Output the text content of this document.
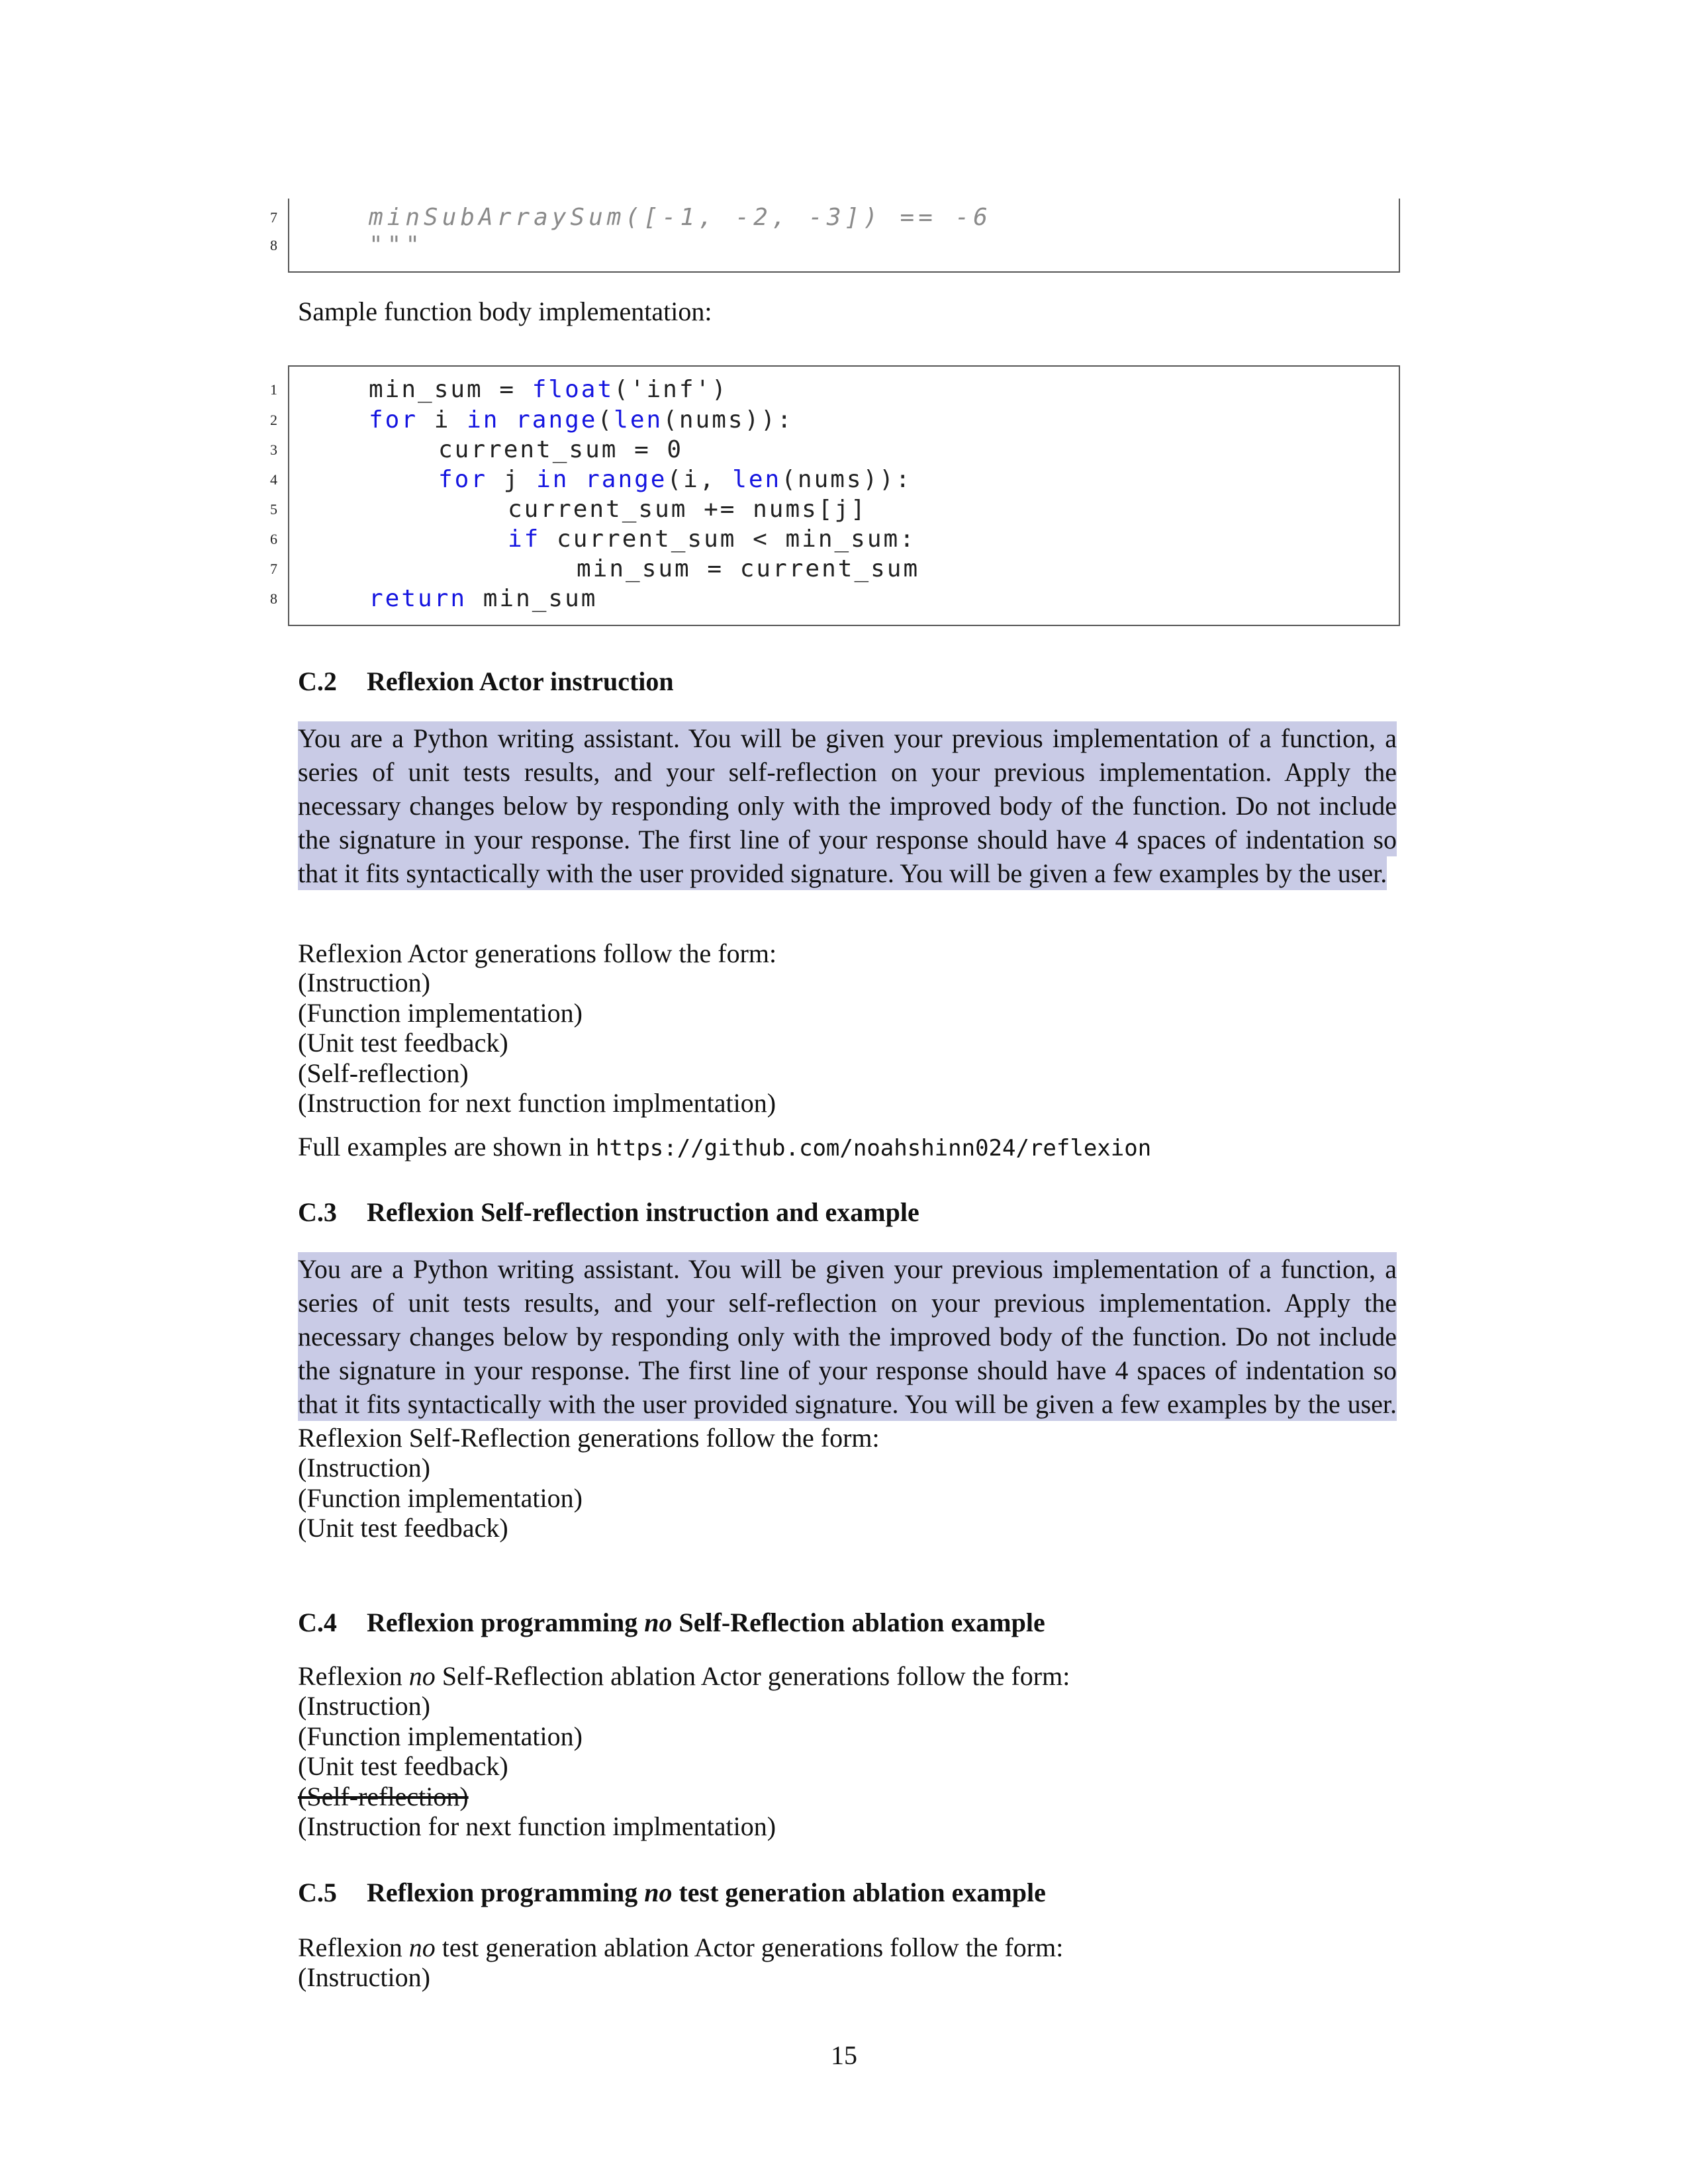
7	minSubArraySum([-1, -2, -3]) == -6
8	"""
Sample function body implementation:
1	min_sum = float('inf')
2	for i in range(len(nums)):
3	current_sum = 0
4	for j in range(i, len(nums)):
5	current_sum += nums[j]
6	if current_sum < min_sum:
7	min_sum = current_sum
8	return min_sum
C.2 Reflexion Actor instruction
You are a Python writing assistant. You will be given your previous implementation of a function, a series of unit tests results, and your self-reflection on your previous implementation. Apply the necessary changes below by responding only with the improved body of the function. Do not include the signature in your response. The first line of your response should have 4 spaces of indentation so that it fits syntactically with the user provided signature. You will be given a few examples by the user.
Reflexion Actor generations follow the form:
(Instruction)
(Function implementation)
(Unit test feedback)
(Self-reflection)
(Instruction for next function implmentation)
Full examples are shown in https://github.com/noahshinn024/reflexion
C.3 Reflexion Self-reflection instruction and example
You are a Python writing assistant. You will be given your previous implementation of a function, a series of unit tests results, and your self-reflection on your previous implementation. Apply the necessary changes below by responding only with the improved body of the function. Do not include the signature in your response. The first line of your response should have 4 spaces of indentation so that it fits syntactically with the user provided signature. You will be given a few examples by the user. Reflexion Self-Reflection generations follow the form:
(Instruction)
(Function implementation)
(Unit test feedback)
C.4 Reflexion programming no Self-Reflection ablation example
Reflexion no Self-Reflection ablation Actor generations follow the form:
(Instruction)
(Function implementation)
(Unit test feedback)
(Self-reflection)
(Instruction for next function implmentation)
C.5 Reflexion programming no test generation ablation example
Reflexion no test generation ablation Actor generations follow the form:
(Instruction)
15
